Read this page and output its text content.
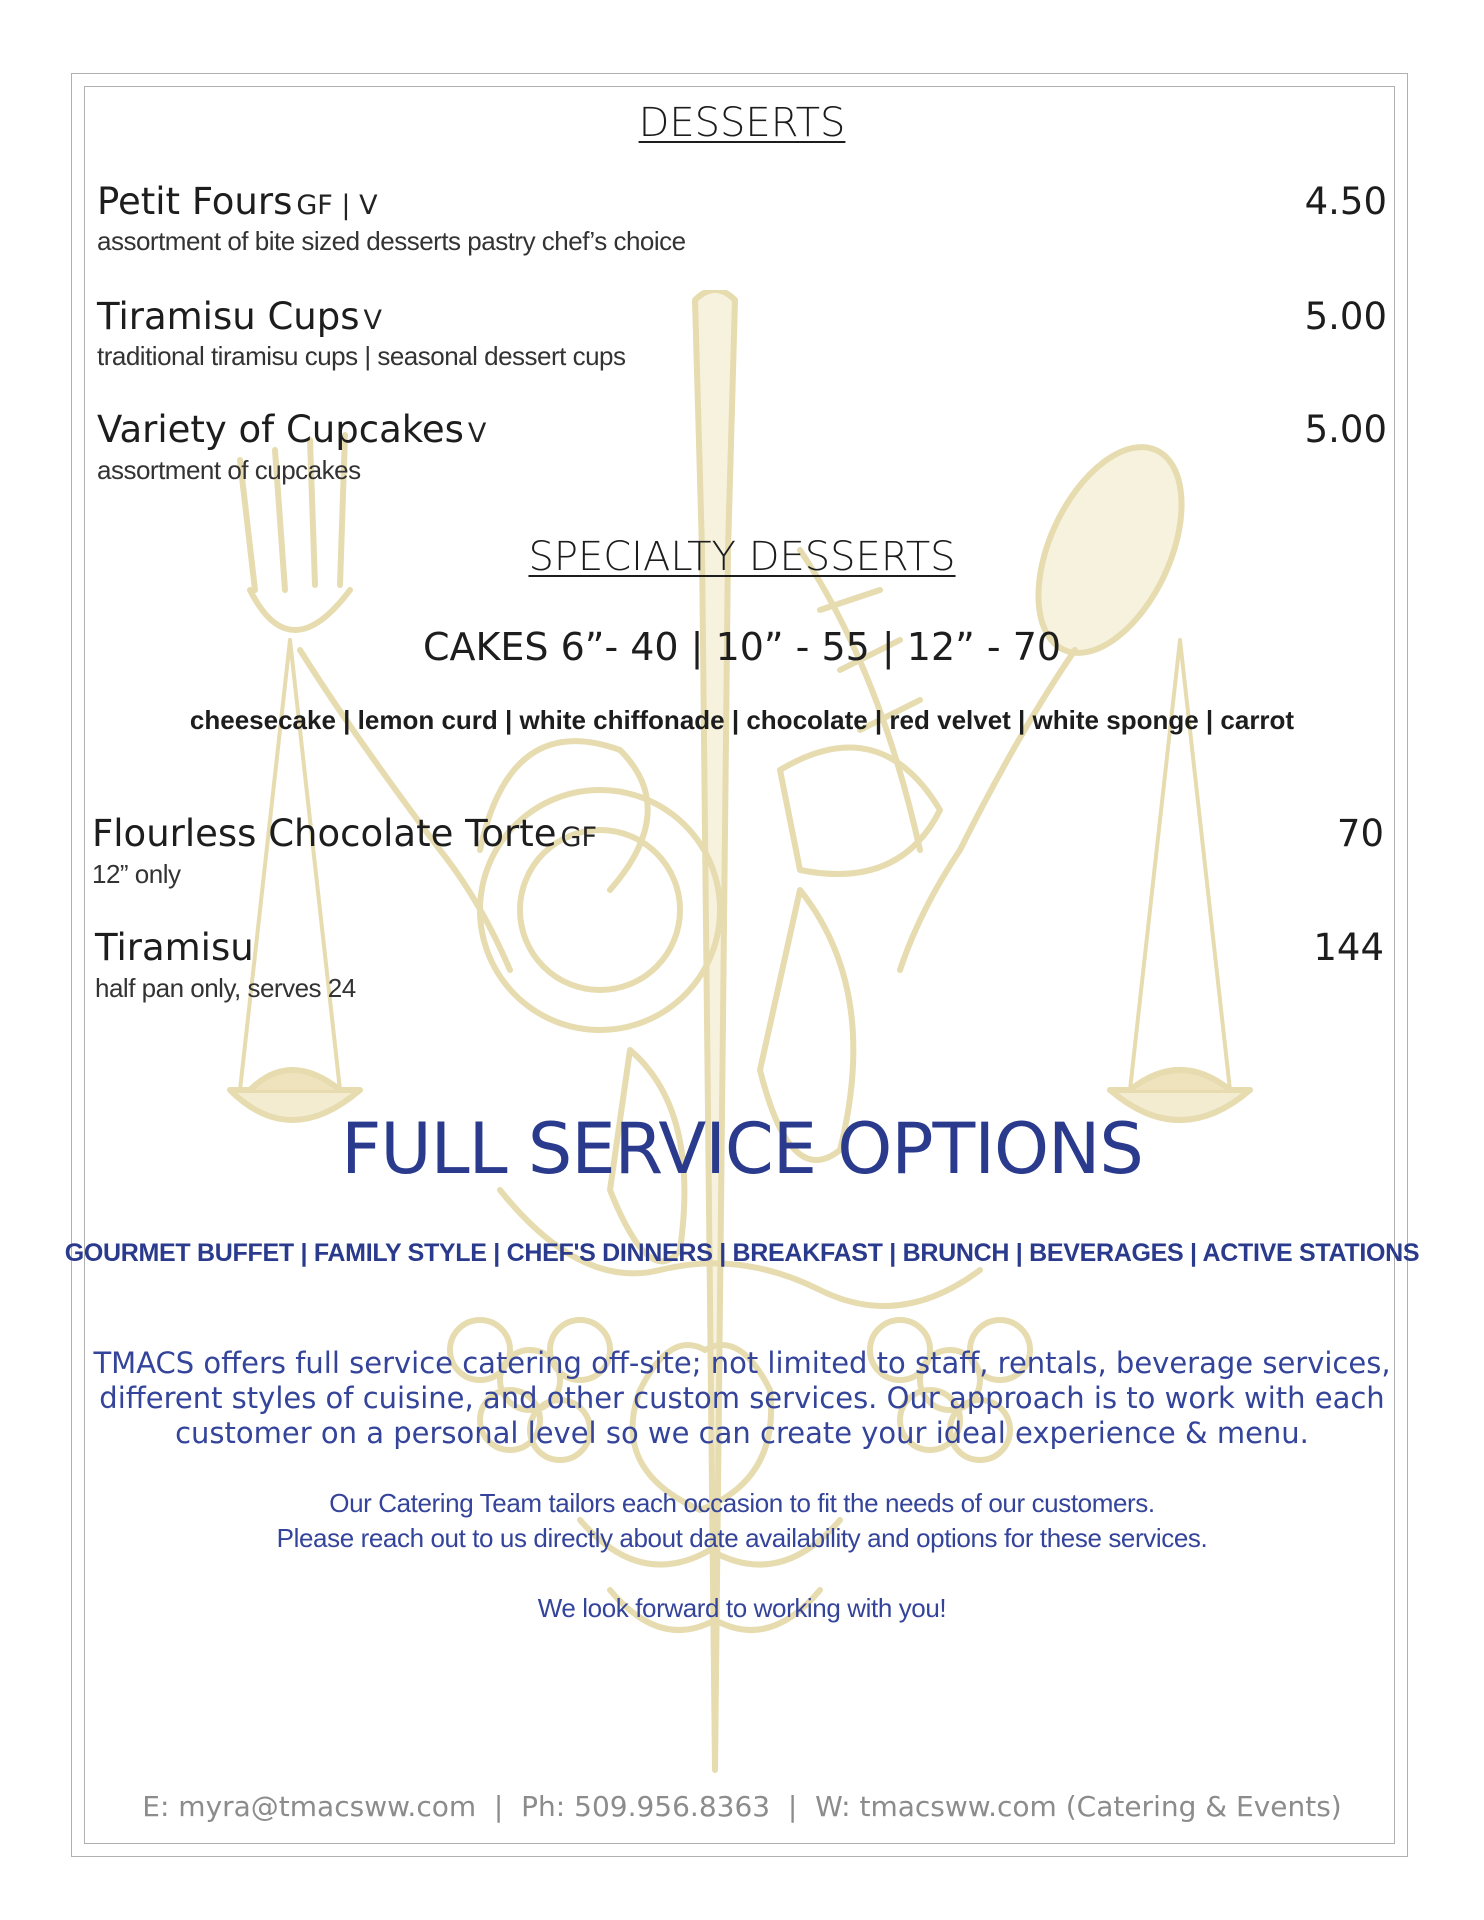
DESSERTS
Petit Fours GF | V
assortment of bite sized desserts pastry chef’s choice
4.50
Tiramisu Cups V
traditional tiramisu cups | seasonal dessert cups
5.00
Variety of Cupcakes V
assortment of cupcakes
5.00
SPECIALTY DESSERTS
CAKES 6”- 40 | 10” - 55 | 12” - 70
cheesecake | lemon curd | white chiffonade | chocolate | red velvet | white sponge | carrot
Flourless Chocolate Torte GF
12” only
70
Tiramisu
half pan only, serves 24
144
FULL SERVICE OPTIONS
GOURMET BUFFET | FAMILY STYLE | CHEF'S DINNERS | BREAKFAST | BRUNCH | BEVERAGES | ACTIVE STATIONS
TMACS offers full service catering off-site; not limited to staff, rentals, beverage services,
different styles of cuisine, and other custom services. Our approach is to work with each
customer on a personal level so we can create your ideal experience & menu.
Our Catering Team tailors each occasion to fit the needs of our customers.
Please reach out to us directly about date availability and options for these services.
We look forward to working with you!
E: myra@tmacsww.com  |  Ph: 509.956.8363  |  W: tmacsww.com (Catering & Events)
